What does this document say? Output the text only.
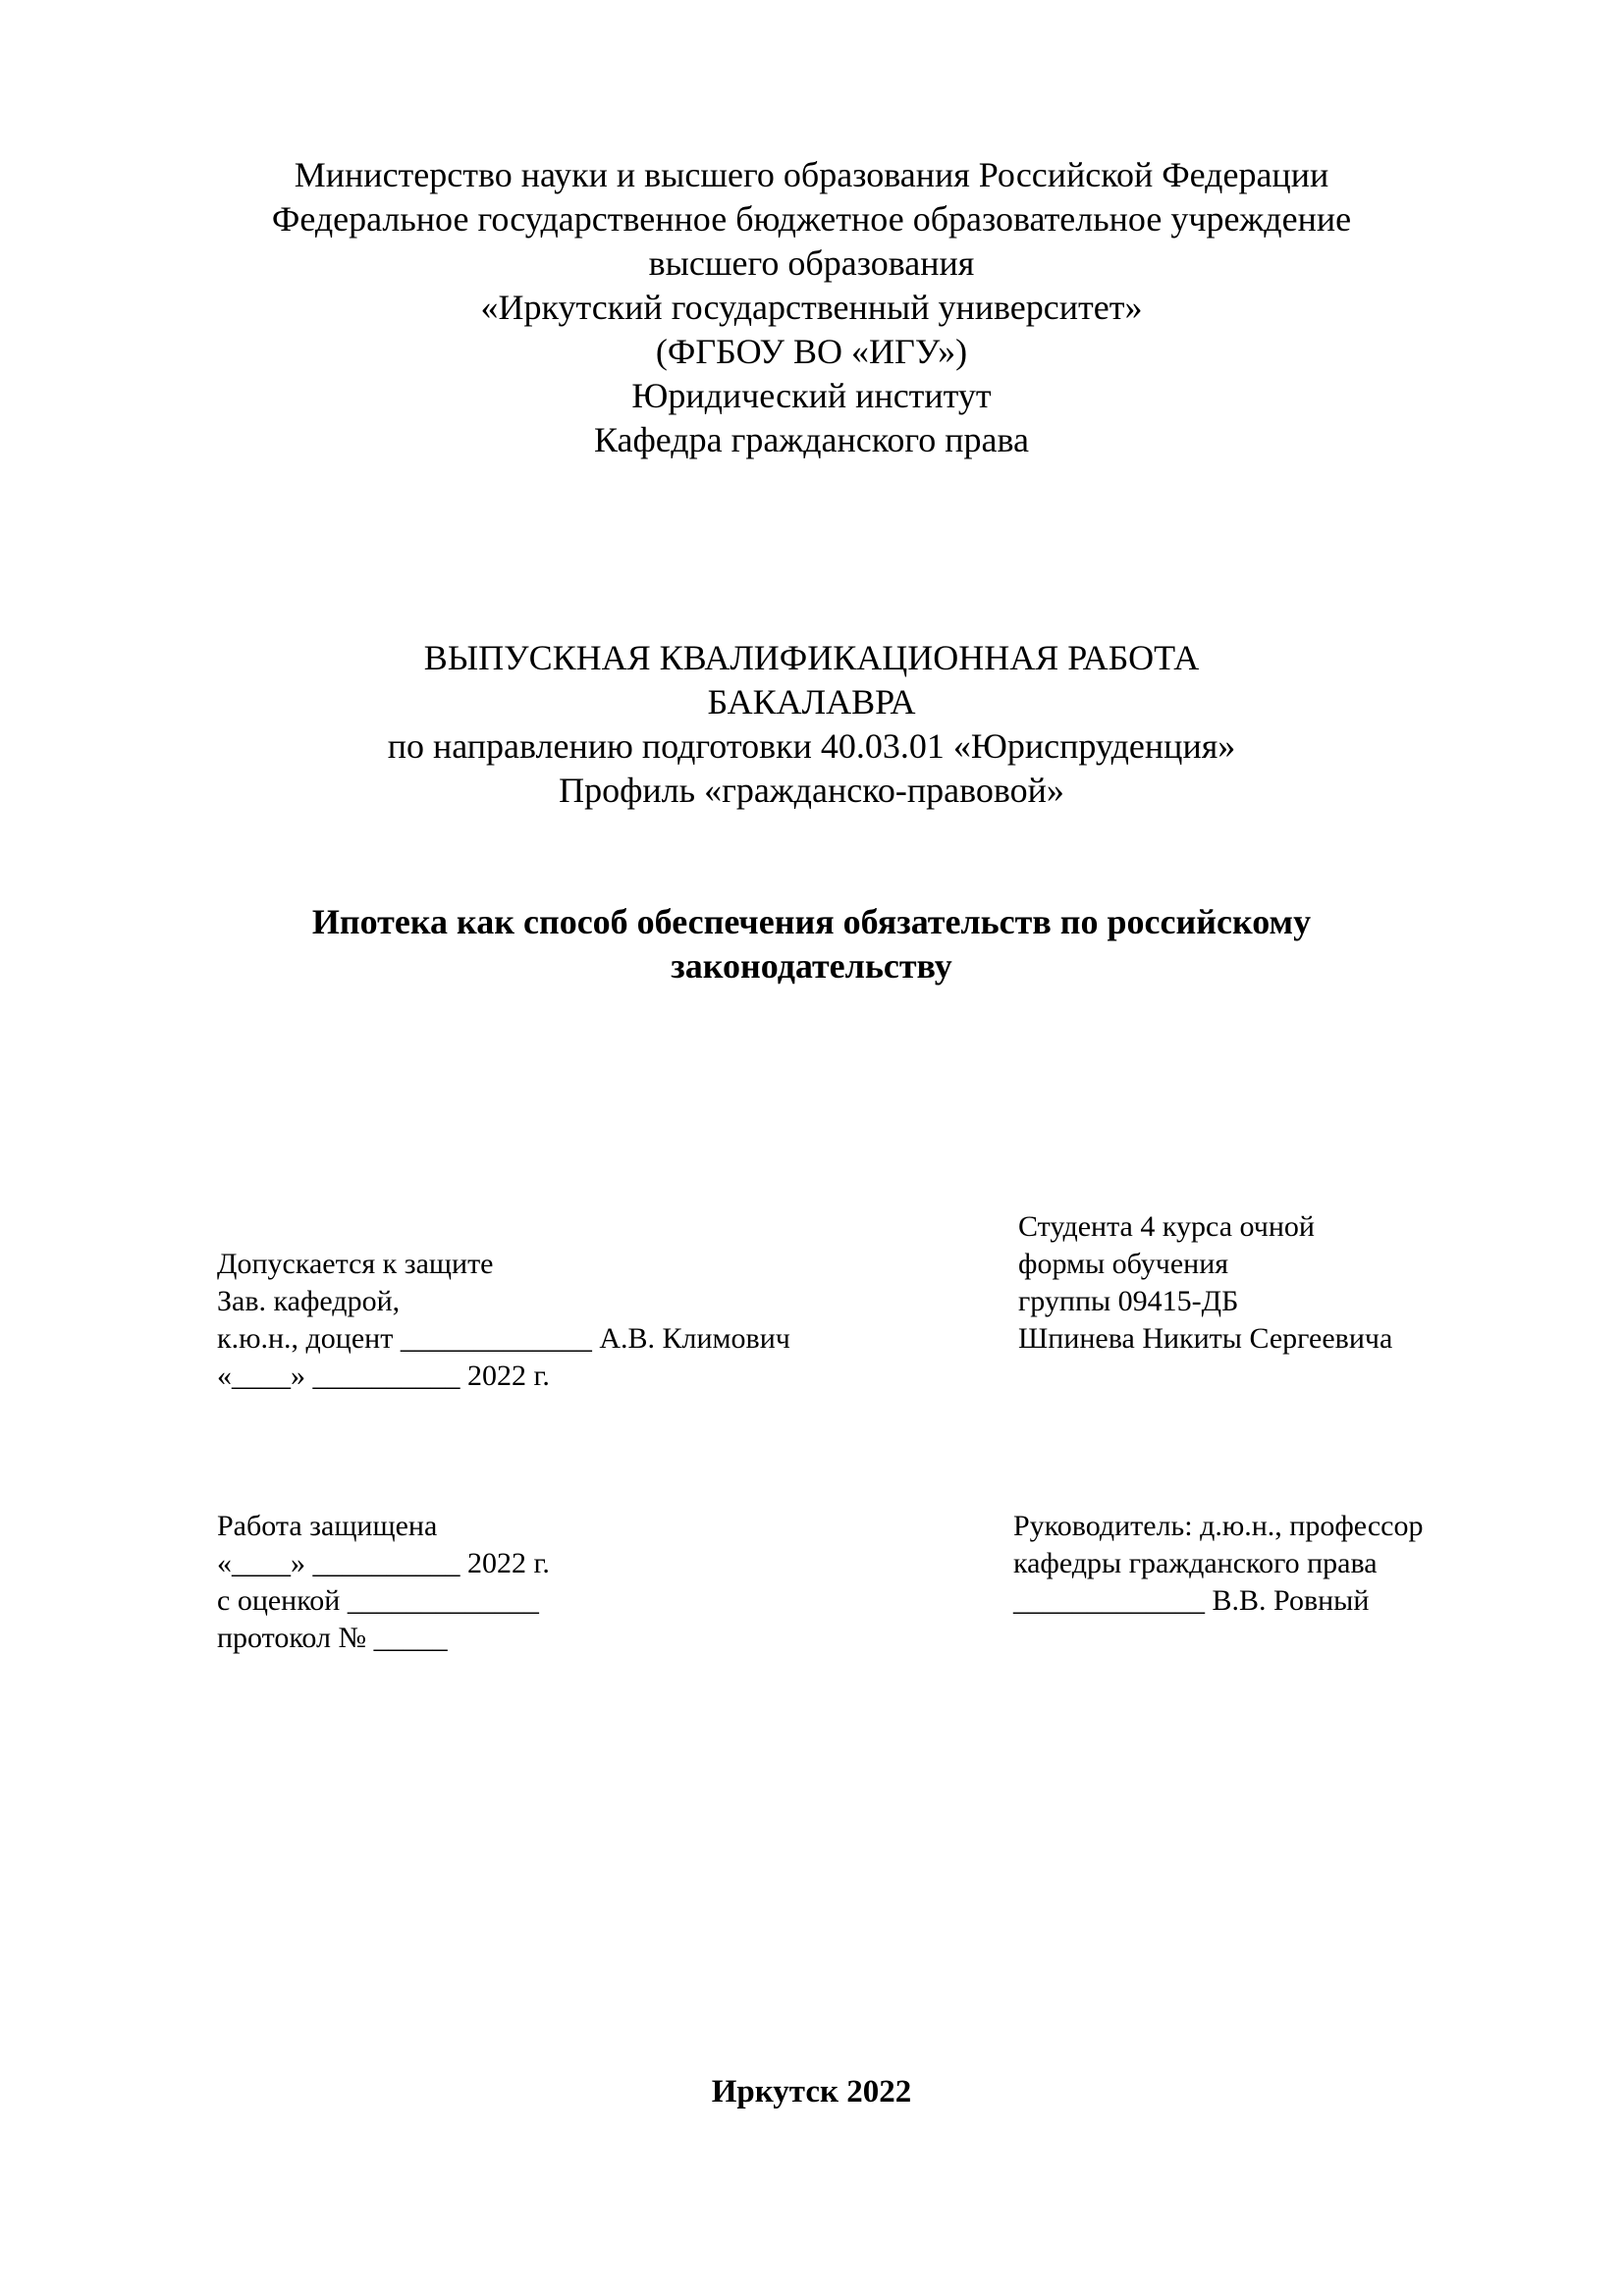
Министерство науки и высшего образования Российской Федерации
Федеральное государственное бюджетное образовательное учреждение
высшего образования
«Иркутский государственный университет»
(ФГБОУ ВО «ИГУ»)
Юридический институт
Кафедра гражданского права
ВЫПУСКНАЯ КВАЛИФИКАЦИОННАЯ РАБОТА
БАКАЛАВРА
по направлению подготовки 40.03.01 «Юриспруденция»
Профиль «гражданско-правовой»
Ипотека как способ обеспечения обязательств по российскому
законодательству
Допускается к защите
Зав. кафедрой,
к.ю.н., доцент _____________ А.В. Климович
«____» __________ 2022 г.
Студента 4 курса очной
формы обучения
группы 09415-ДБ
Шпинева Никиты Сергеевича
Работа защищена
«____» __________ 2022 г.
с оценкой _____________
протокол № _____
Руководитель: д.ю.н., профессор
кафедры гражданского права
_____________ В.В. Ровный
Иркутск 2022
